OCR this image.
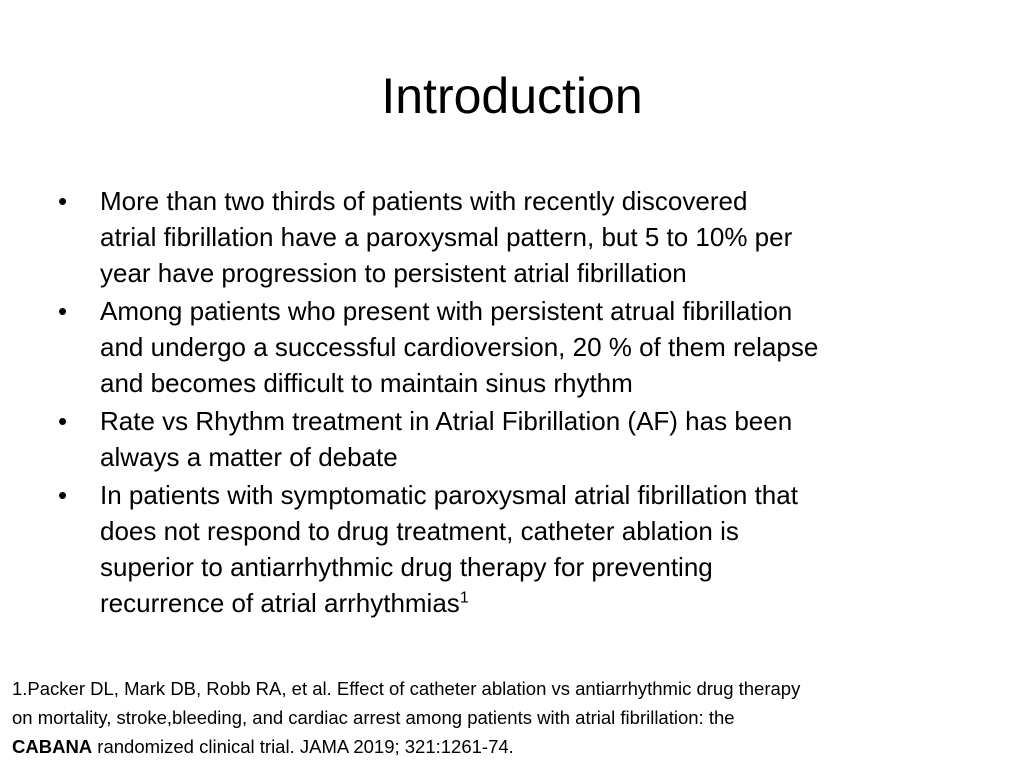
Introduction
•	More than two thirds of patients with recently discovered
atrial fibrillation have a paroxysmal pattern, but 5 to 10% per
year have progression to persistent atrial fibrillation
•	Among patients who present with persistent atrual fibrillation
and undergo a successful cardioversion, 20 % of them relapse
and becomes difficult to maintain sinus rhythm
•	Rate vs Rhythm treatment in Atrial Fibrillation (AF) has been
always a matter of debate
•	In patients with symptomatic paroxysmal atrial fibrillation that
does not respond to drug treatment, catheter ablation is
superior to antiarrhythmic drug therapy for preventing
recurrence of atrial arrhythmias$^1$
1.Packer DL, Mark DB, Robb RA, et al. Effect of catheter ablation vs antiarrhythmic drug therapy
on mortality, stroke,bleeding, and cardiac arrest among patients with atrial fibrillation: the
CABANA randomized clinical trial. JAMA 2019; 321:1261-74.
